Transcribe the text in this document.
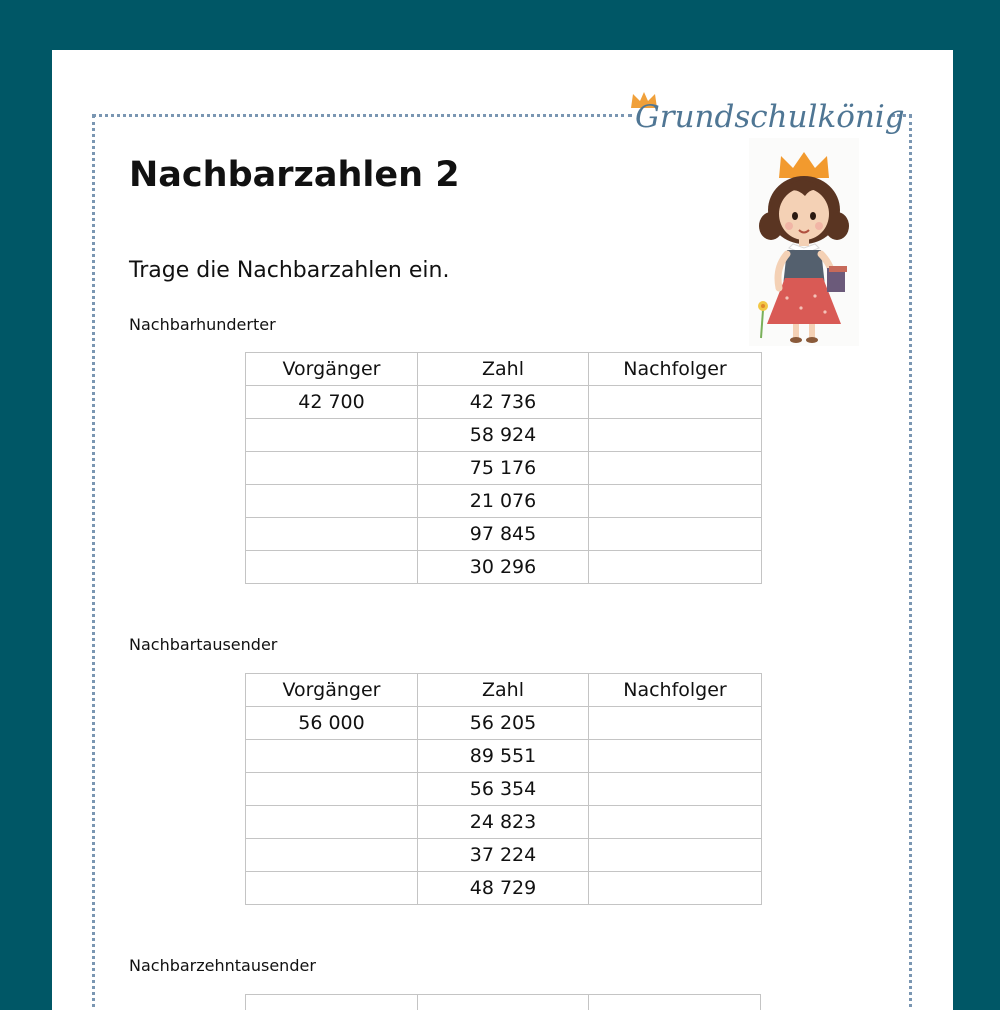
Grundschulkönig
Nachbarzahlen 2
Trage die Nachbarzahlen ein.
Nachbarhunderter
Vorgänger	Zahl	Nachfolger
42 700	42 736	
	58 924	
	75 176	
	21 076	
	97 845	
	30 296	
Nachbartausender
Vorgänger	Zahl	Nachfolger
56 000	56 205	
	89 551	
	56 354	
	24 823	
	37 224	
	48 729	
Nachbarzehntausender
